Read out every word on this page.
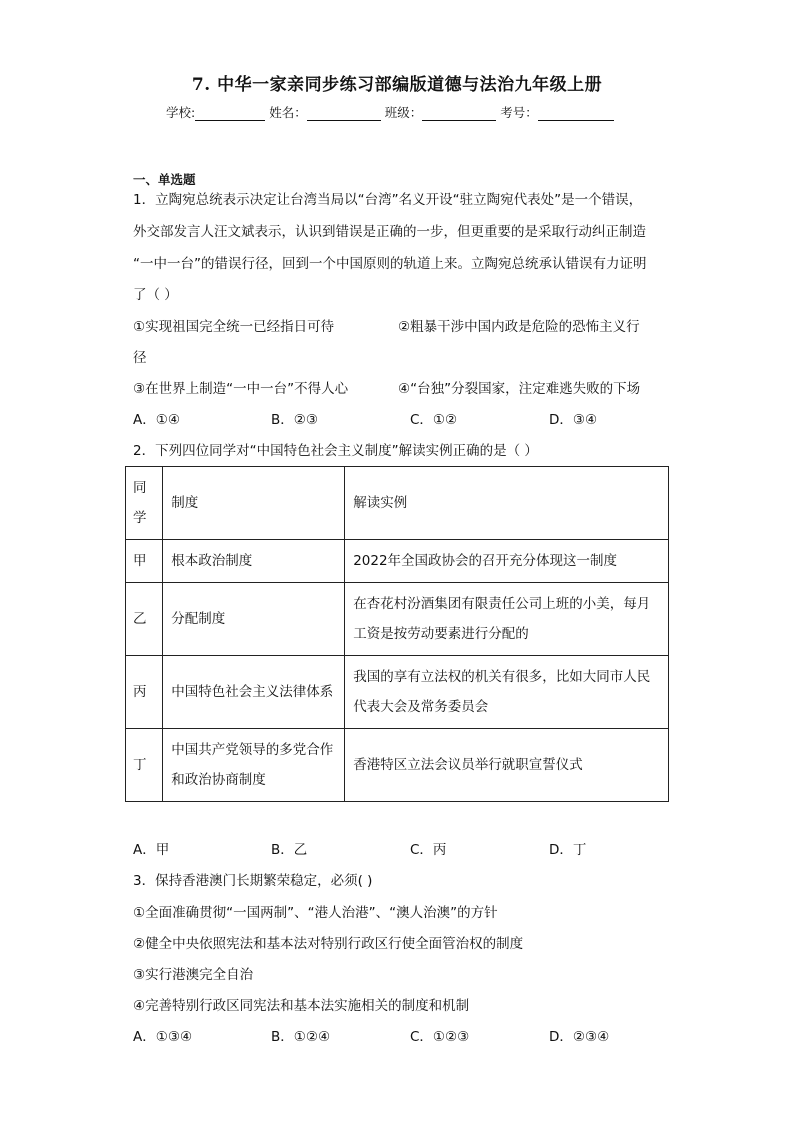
7. 中华一家亲同步练习部编版道德与法治九年级上册
学校:	姓名：	班级：	考号：
一、单选题
1．立陶宛总统表示决定让台湾当局以“台湾”名义开设“驻立陶宛代表处”是一个错误，
外交部发言人汪文斌表示，认识到错误是正确的一步，但更重要的是采取行动纠正制造
“一中一台”的错误行径，回到一个中国原则的轨道上来。立陶宛总统承认错误有力证明
了（ ）
①实现祖国完全统一已经指日可待	②粗暴干涉中国内政是危险的恐怖主义行
径
③在世界上制造“一中一台”不得人心	④“台独”分裂国家，注定难逃失败的下场
A．①④	B．②③	C．①②	D．③④
2．下列四位同学对“中国特色社会主义制度”解读实例正确的是（ ）
同学	制度	解读实例
甲	根本政治制度	2022年全国政协会的召开充分体现这一制度
乙	分配制度	在杏花村汾酒集团有限责任公司上班的小美，每月工资是按劳动要素进行分配的
丙	中国特色社会主义法律体系	我国的享有立法权的机关有很多，比如大同市人民代表大会及常务委员会
丁	中国共产党领导的多党合作和政治协商制度	香港特区立法会议员举行就职宣誓仪式
A．甲	B．乙	C．丙	D．丁
3．保持香港澳门长期繁荣稳定，必须( )
①全面准确贯彻“一国两制”、“港人治港”、“澳人治澳”的方针
②健全中央依照宪法和基本法对特别行政区行使全面管治权的制度
③实行港澳完全自治
④完善特别行政区同宪法和基本法实施相关的制度和机制
A．①③④	B．①②④	C．①②③	D．②③④
